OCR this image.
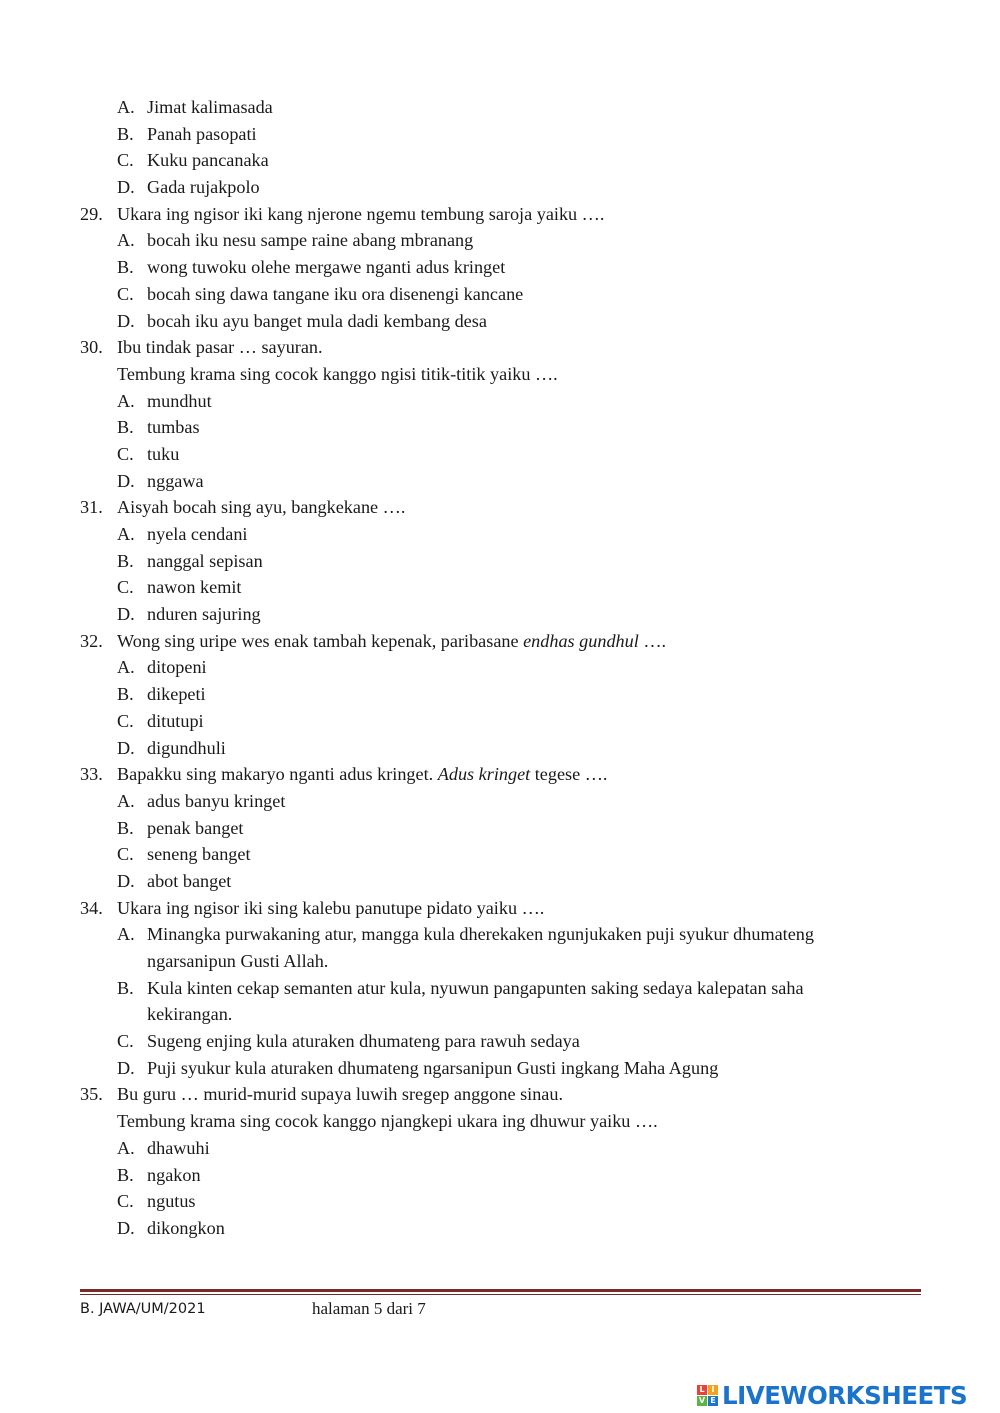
A. Jimat kalimasada
B. Panah pasopati
C. Kuku pancanaka
D. Gada rujakpolo
29. Ukara ing ngisor iki kang njerone ngemu tembung saroja yaiku ….
A. bocah iku nesu sampe raine abang mbranang
B. wong tuwoku olehe mergawe nganti adus kringet
C. bocah sing dawa tangane iku ora disenengi kancane
D. bocah iku ayu banget mula dadi kembang desa
30. Ibu tindak pasar … sayuran.
Tembung krama sing cocok kanggo ngisi titik-titik yaiku ….
A. mundhut
B. tumbas
C. tuku
D. nggawa
31. Aisyah bocah sing ayu, bangkekane ….
A. nyela cendani
B. nanggal sepisan
C. nawon kemit
D. nduren sajuring
32. Wong sing uripe wes enak tambah kepenak, paribasane endhas gundhul ….
A. ditopeni
B. dikepeti
C. ditutupi
D. digundhuli
33. Bapakku sing makaryo nganti adus kringet. Adus kringet tegese ….
A. adus banyu kringet
B. penak banget
C. seneng banget
D. abot banget
34. Ukara ing ngisor iki sing kalebu panutupe pidato yaiku ….
A. Minangka purwakaning atur, mangga kula dherekaken ngunjukaken puji syukur dhumateng
ngarsanipun Gusti Allah.
B. Kula kinten cekap semanten atur kula, nyuwun pangapunten saking sedaya kalepatan saha
kekirangan.
C. Sugeng enjing kula aturaken dhumateng para rawuh sedaya
D. Puji syukur kula aturaken dhumateng ngarsanipun Gusti ingkang Maha Agung
35. Bu guru … murid-murid supaya luwih sregep anggone sinau.
Tembung krama sing cocok kanggo njangkepi ukara ing dhuwur yaiku ….
A. dhawuhi
B. ngakon
C. ngutus
D. dikongkon
B. JAWA/UM/2021	halaman 5 dari 7
L I
V E LIVEWORKSHEETS
